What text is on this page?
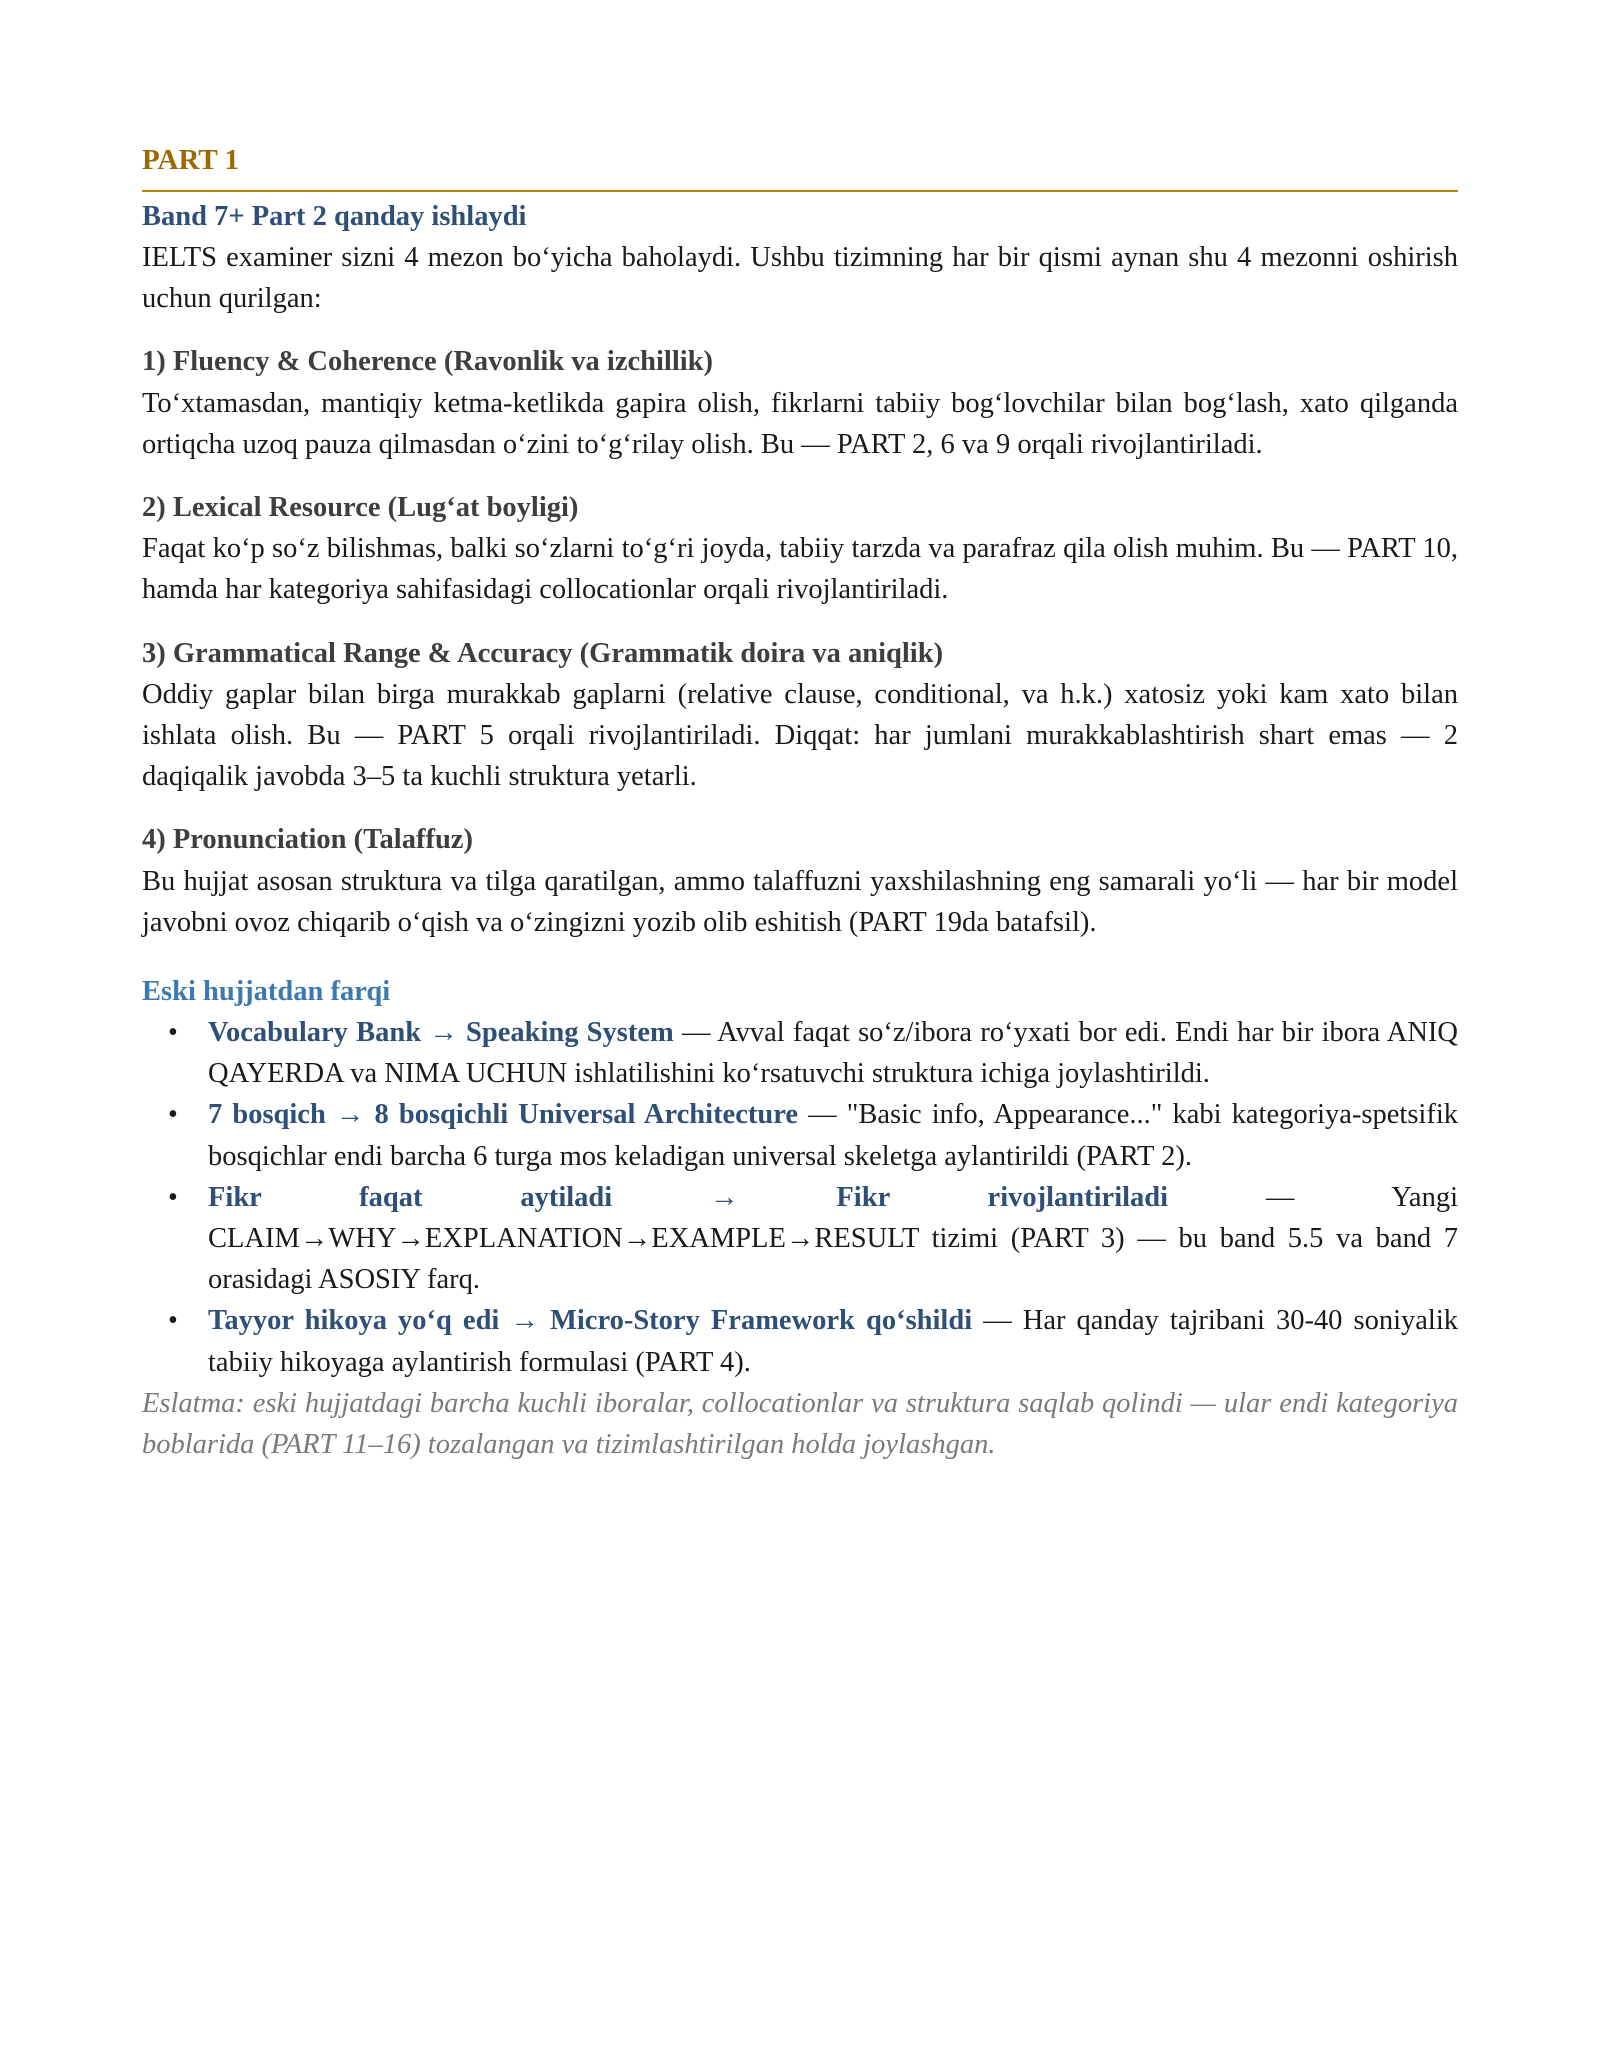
PART 1

Band 7+ Part 2 qanday ishlaydi

IELTS examiner sizni 4 mezon bo‘yicha baholaydi. Ushbu tizimning har bir qismi aynan shu 4 mezonni oshirish uchun qurilgan:

1) Fluency & Coherence (Ravonlik va izchillik)

To‘xtamasdan, mantiqiy ketma-ketlikda gapira olish, fikrlarni tabiiy bog‘lovchilar bilan bog‘lash, xato qilganda ortiqcha uzoq pauza qilmasdan o‘zini to‘g‘rilay olish. Bu — PART 2, 6 va 9 orqali rivojlantiriladi.

2) Lexical Resource (Lug‘at boyligi)

Faqat ko‘p so‘z bilishmas, balki so‘zlarni to‘g‘ri joyda, tabiiy tarzda va parafraz qila olish muhim. Bu — PART 10, hamda har kategoriya sahifasidagi collocationlar orqali rivojlantiriladi.

3) Grammatical Range & Accuracy (Grammatik doira va aniqlik)

Oddiy gaplar bilan birga murakkab gaplarni (relative clause, conditional, va h.k.) xatosiz yoki kam xato bilan ishlata olish. Bu — PART 5 orqali rivojlantiriladi. Diqqat: har jumlani murakkablashtirish shart emas — 2 daqiqalik javobda 3–5 ta kuchli struktura yetarli.

4) Pronunciation (Talaffuz)

Bu hujjat asosan struktura va tilga qaratilgan, ammo talaffuzni yaxshilashning eng samarali yo‘li — har bir model javobni ovoz chiqarib o‘qish va o‘zingizni yozib olib eshitish (PART 19da batafsil).

Eski hujjatdan farqi

• Vocabulary Bank → Speaking System — Avval faqat so‘z/ibora ro‘yxati bor edi. Endi har bir ibora ANIQ QAYERDA va NIMA UCHUN ishlatilishini ko‘rsatuvchi struktura ichiga joylashtirildi.
• 7 bosqich → 8 bosqichli Universal Architecture — "Basic info, Appearance..." kabi kategoriya-spetsifik bosqichlar endi barcha 6 turga mos keladigan universal skeletga aylantirildi (PART 2).
• Fikr faqat aytiladi → Fikr rivojlantiriladi — Yangi CLAIM→WHY→EXPLANATION→EXAMPLE→RESULT tizimi (PART 3) — bu band 5.5 va band 7 orasidagi ASOSIY farq.
• Tayyor hikoya yo‘q edi → Micro-Story Framework qo‘shildi — Har qanday tajribani 30-40 soniyalik tabiiy hikoyaga aylantirish formulasi (PART 4).

Eslatma: eski hujjatdagi barcha kuchli iboralar, collocationlar va struktura saqlab qolindi — ular endi kategoriya boblarida (PART 11–16) tozalangan va tizimlashtirilgan holda joylashgan.
